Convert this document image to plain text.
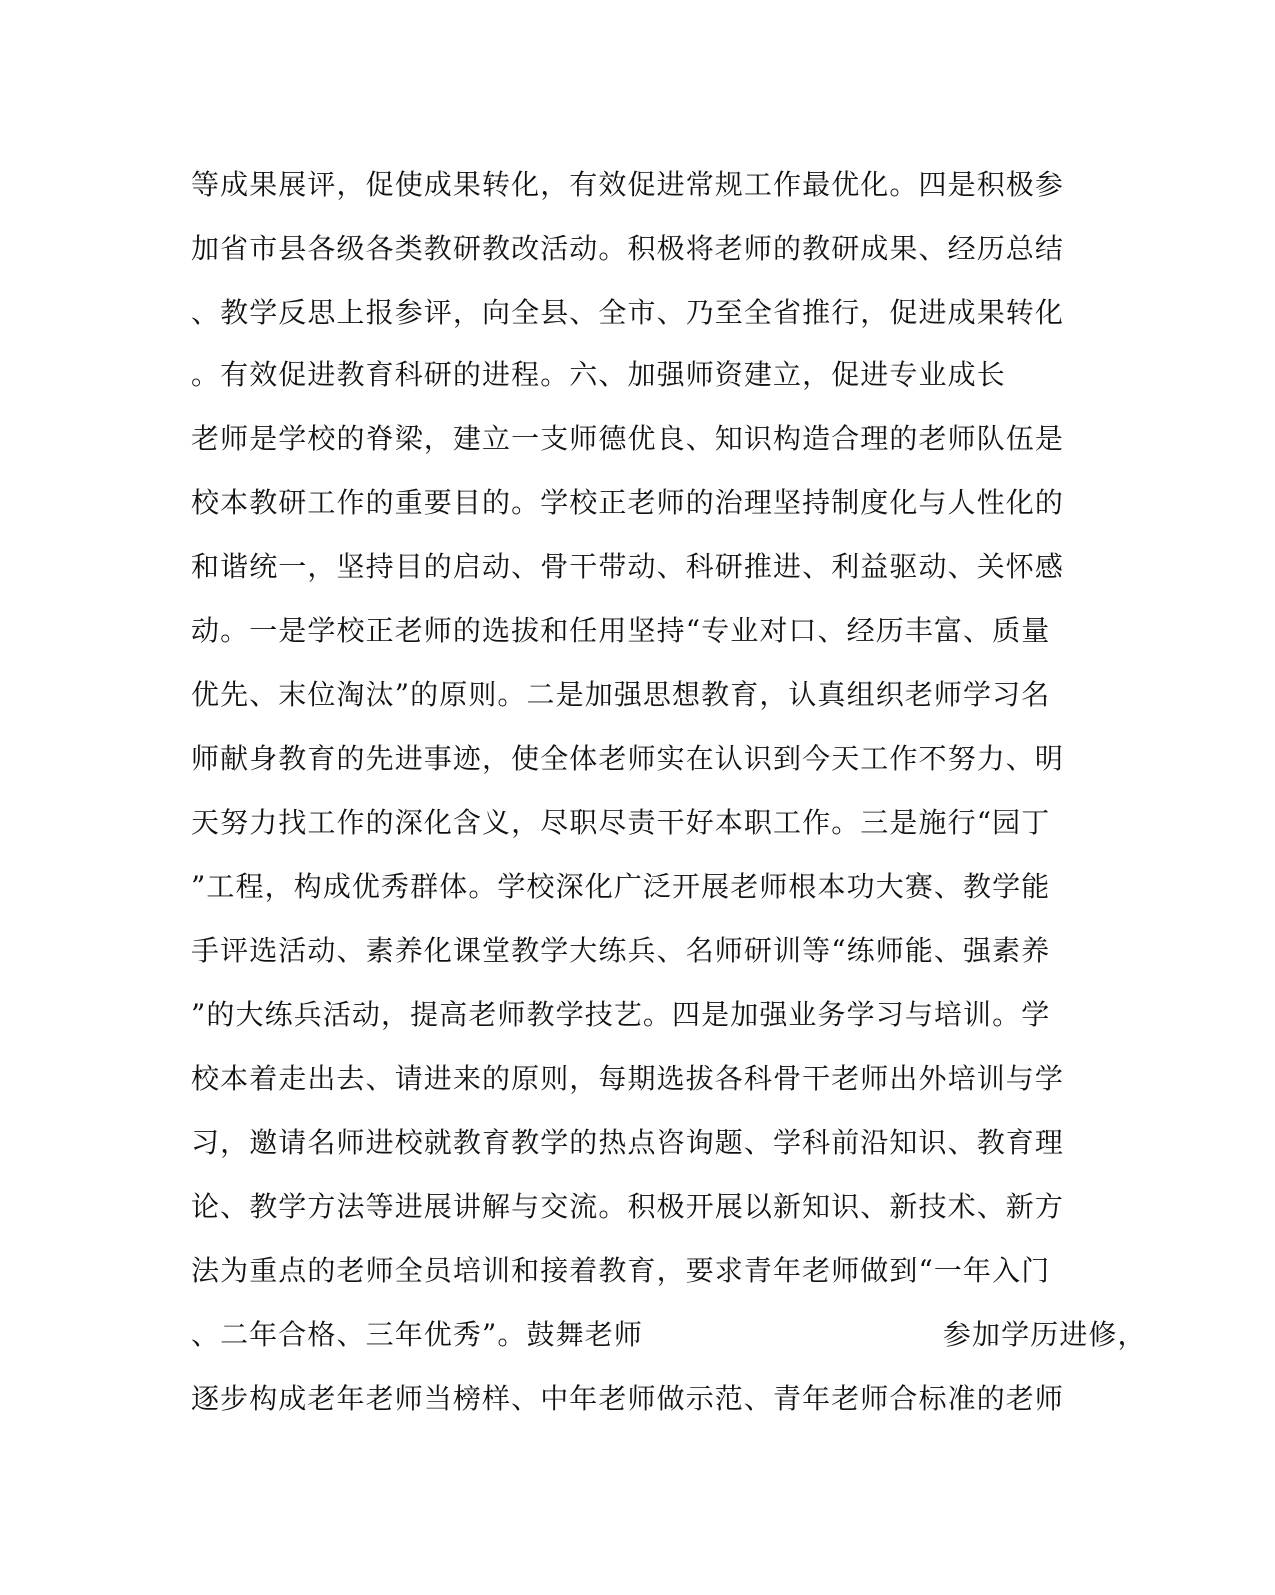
等成果展评，促使成果转化，有效促进常规工作最优化。四是积极参
加省市县各级各类教研教改活动。积极将老师的教研成果、经历总结
、教学反思上报参评，向全县、全市、乃至全省推行，促进成果转化
。有效促进教育科研的进程。六、加强师资建立，促进专业成长
老师是学校的脊梁，建立一支师德优良、知识构造合理的老师队伍是
校本教研工作的重要目的。学校正老师的治理坚持制度化与人性化的
和谐统一，坚持目的启动、骨干带动、科研推进、利益驱动、关怀感
动。一是学校正老师的选拔和任用坚持“专业对口、经历丰富、质量
优先、末位淘汰”的原则。二是加强思想教育，认真组织老师学习名
师献身教育的先进事迹，使全体老师实在认识到今天工作不努力、明
天努力找工作的深化含义，尽职尽责干好本职工作。三是施行“园丁
”工程，构成优秀群体。学校深化广泛开展老师根本功大赛、教学能
手评选活动、素养化课堂教学大练兵、名师研训等“练师能、强素养
”的大练兵活动，提高老师教学技艺。四是加强业务学习与培训。学
校本着走出去、请进来的原则，每期选拔各科骨干老师出外培训与学
习，邀请名师进校就教育教学的热点咨询题、学科前沿知识、教育理
论、教学方法等进展讲解与交流。积极开展以新知识、新技术、新方
法为重点的老师全员培训和接着教育，要求青年老师做到“一年入门
、二年合格、三年优秀”。鼓舞老师                              参加学历进修，
逐步构成老年老师当榜样、中年老师做示范、青年老师合标准的老师
